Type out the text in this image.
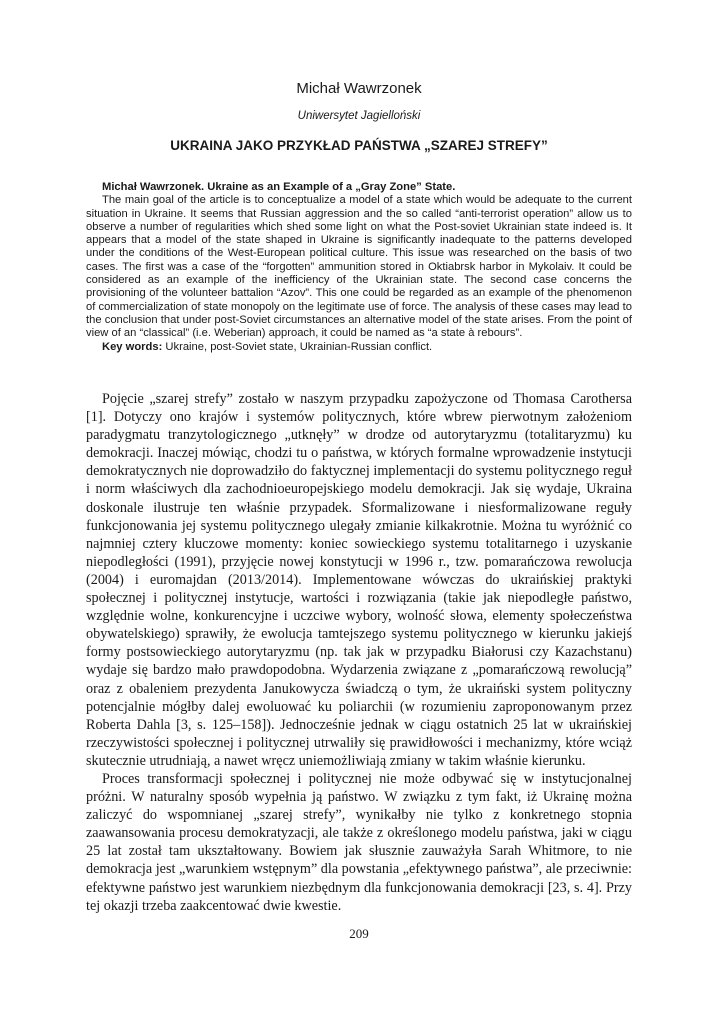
Michał Wawrzonek
Uniwersytet Jagielloński
UKRAINA JAKO PRZYKŁAD PAŃSTWA „SZAREJ STREFY”

Michał Wawrzonek. Ukraine as an Example of a „Gray Zone” State.

The main goal of the article is to conceptualize a model of a state which would be adequate to the current situation in Ukraine. It seems that Russian aggression and the so called “anti-terrorist operation” allow us to observe a number of regularities which shed some light on what the Post-soviet Ukrainian state indeed is. It appears that a model of the state shaped in Ukraine is significantly inadequate to the patterns developed under the conditions of the West-European political culture. This issue was researched on the basis of two cases. The first was a case of the “forgotten” ammunition stored in Oktiabrsk harbor in Mykolaiv. It could be considered as an example of the inefficiency of the Ukrainian state. The second case concerns the provisioning of the volunteer battalion “Azov”. This one could be regarded as an example of the phenomenon of commercialization of state monopoly on the legitimate use of force. The analysis of these cases may lead to the conclusion that under post-Soviet circumstances an alternative model of the state arises. From the point of view of an “classical” (i.e. Weberian) approach, it could be named as “a state à rebours”.

Key words: Ukraine, post-Soviet state, Ukrainian-Russian conflict.

Pojęcie „szarej strefy” zostało w naszym przypadku zapożyczone od Thomasa Carothersa [1]. Dotyczy ono krajów i systemów politycznych, które wbrew pierwotnym założeniom paradygmatu tranzytologicznego „utknęły” w drodze od autorytaryzmu (totalitaryzmu) ku demokracji. Inaczej mówiąc, chodzi tu o państwa, w których formalne wprowadzenie instytucji demokratycznych nie doprowadziło do faktycznej implementacji do systemu politycznego reguł i norm właściwych dla zachodnioeuropejskiego modelu demokracji. Jak się wydaje, Ukraina doskonale ilustruje ten właśnie przypadek. Sformalizowane i niesformalizowane reguły funkcjonowania jej systemu politycznego ulegały zmianie kilkakrotnie. Można tu wyróżnić co najmniej cztery kluczowe momenty: koniec sowieckiego systemu totalitarnego i uzyskanie niepodległości (1991), przyjęcie nowej konstytucji w 1996 r., tzw. pomarańczowa rewolucja (2004) i euromajdan (2013/2014). Implementowane wówczas do ukraińskiej praktyki społecznej i politycznej instytucje, wartości i rozwiązania (takie jak niepodległe państwo, względnie wolne, konkurencyjne i uczciwe wybory, wolność słowa, elementy społeczeństwa obywatelskiego) sprawiły, że ewolucja tamtejszego systemu politycznego w kierunku jakiejś formy postsowieckiego autorytaryzmu (np. tak jak w przypadku Białorusi czy Kazachstanu) wydaje się bardzo mało prawdopodobna. Wydarzenia związane z „pomarańczową rewolucją” oraz z obaleniem prezydenta Janukowycza świadczą o tym, że ukraiński system polityczny potencjalnie mógłby dalej ewoluować ku poliarchii (w rozumieniu zaproponowanym przez Roberta Dahla [3, s. 125–158]). Jednocześnie jednak w ciągu ostatnich 25 lat w ukraińskiej rzeczywistości społecznej i politycznej utrwaliły się prawidłowości i mechanizmy, które wciąż skutecznie utrudniają, a nawet wręcz uniemożliwiają zmiany w takim właśnie kierunku.

Proces transformacji społecznej i politycznej nie może odbywać się w instytucjonalnej próżni. W naturalny sposób wypełnia ją państwo. W związku z tym fakt, iż Ukrainę można zaliczyć do wspomnianej „szarej strefy”, wynikałby nie tylko z konkretnego stopnia zaawansowania procesu demokratyzacji, ale także z określonego modelu państwa, jaki w ciągu 25 lat został tam ukształtowany. Bowiem jak słusznie zauważyła Sarah Whitmore, to nie demokracja jest „warunkiem wstępnym” dla powstania „efektywnego państwa”, ale przeciwnie: efektywne państwo jest warunkiem niezbędnym dla funkcjonowania demokracji [23, s. 4]. Przy tej okazji trzeba zaakcentować dwie kwestie.

209
